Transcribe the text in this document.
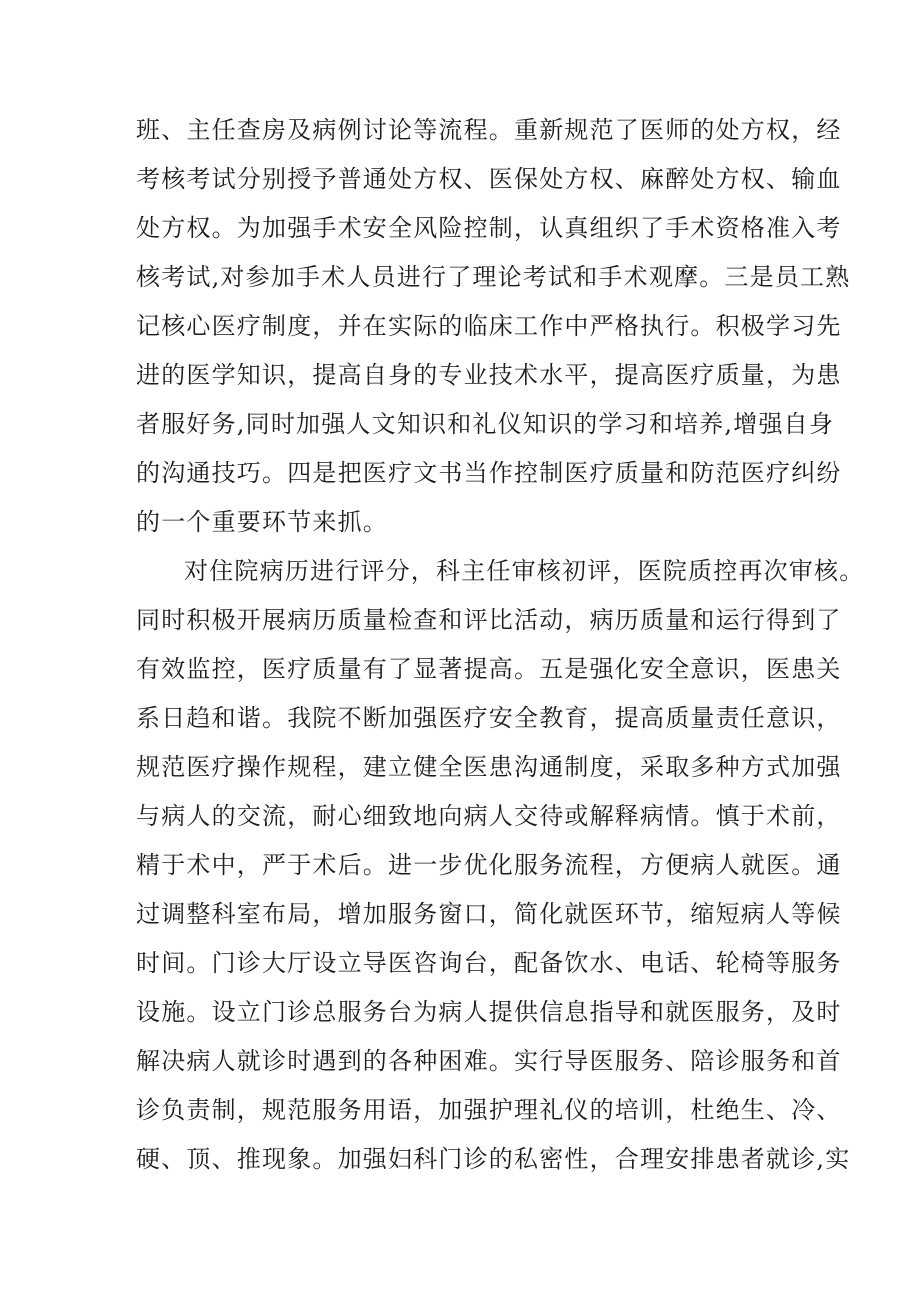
班、主任查房及病例讨论等流程。重新规范了医师的处方权，经
考核考试分别授予普通处方权、医保处方权、麻醉处方权、输血
处方权。为加强手术安全风险控制，认真组织了手术资格准入考
核考试,对参加手术人员进行了理论考试和手术观摩。三是员工熟
记核心医疗制度，并在实际的临床工作中严格执行。积极学习先
进的医学知识，提高自身的专业技术水平，提高医疗质量，为患
者服好务,同时加强人文知识和礼仪知识的学习和培养,增强自身
的沟通技巧。四是把医疗文书当作控制医疗质量和防范医疗纠纷
的一个重要环节来抓。
对住院病历进行评分，科主任审核初评，医院质控再次审核。
同时积极开展病历质量检查和评比活动，病历质量和运行得到了
有效监控，医疗质量有了显著提高。五是强化安全意识，医患关
系日趋和谐。我院不断加强医疗安全教育，提高质量责任意识，
规范医疗操作规程，建立健全医患沟通制度，采取多种方式加强
与病人的交流，耐心细致地向病人交待或解释病情。慎于术前，
精于术中，严于术后。进一步优化服务流程，方便病人就医。通
过调整科室布局，增加服务窗口，简化就医环节，缩短病人等候
时间。门诊大厅设立导医咨询台，配备饮水、电话、轮椅等服务
设施。设立门诊总服务台为病人提供信息指导和就医服务，及时
解决病人就诊时遇到的各种困难。实行导医服务、陪诊服务和首
诊负责制，规范服务用语，加强护理礼仪的培训，杜绝生、冷、
硬、顶、推现象。加强妇科门诊的私密性，合理安排患者就诊,实
